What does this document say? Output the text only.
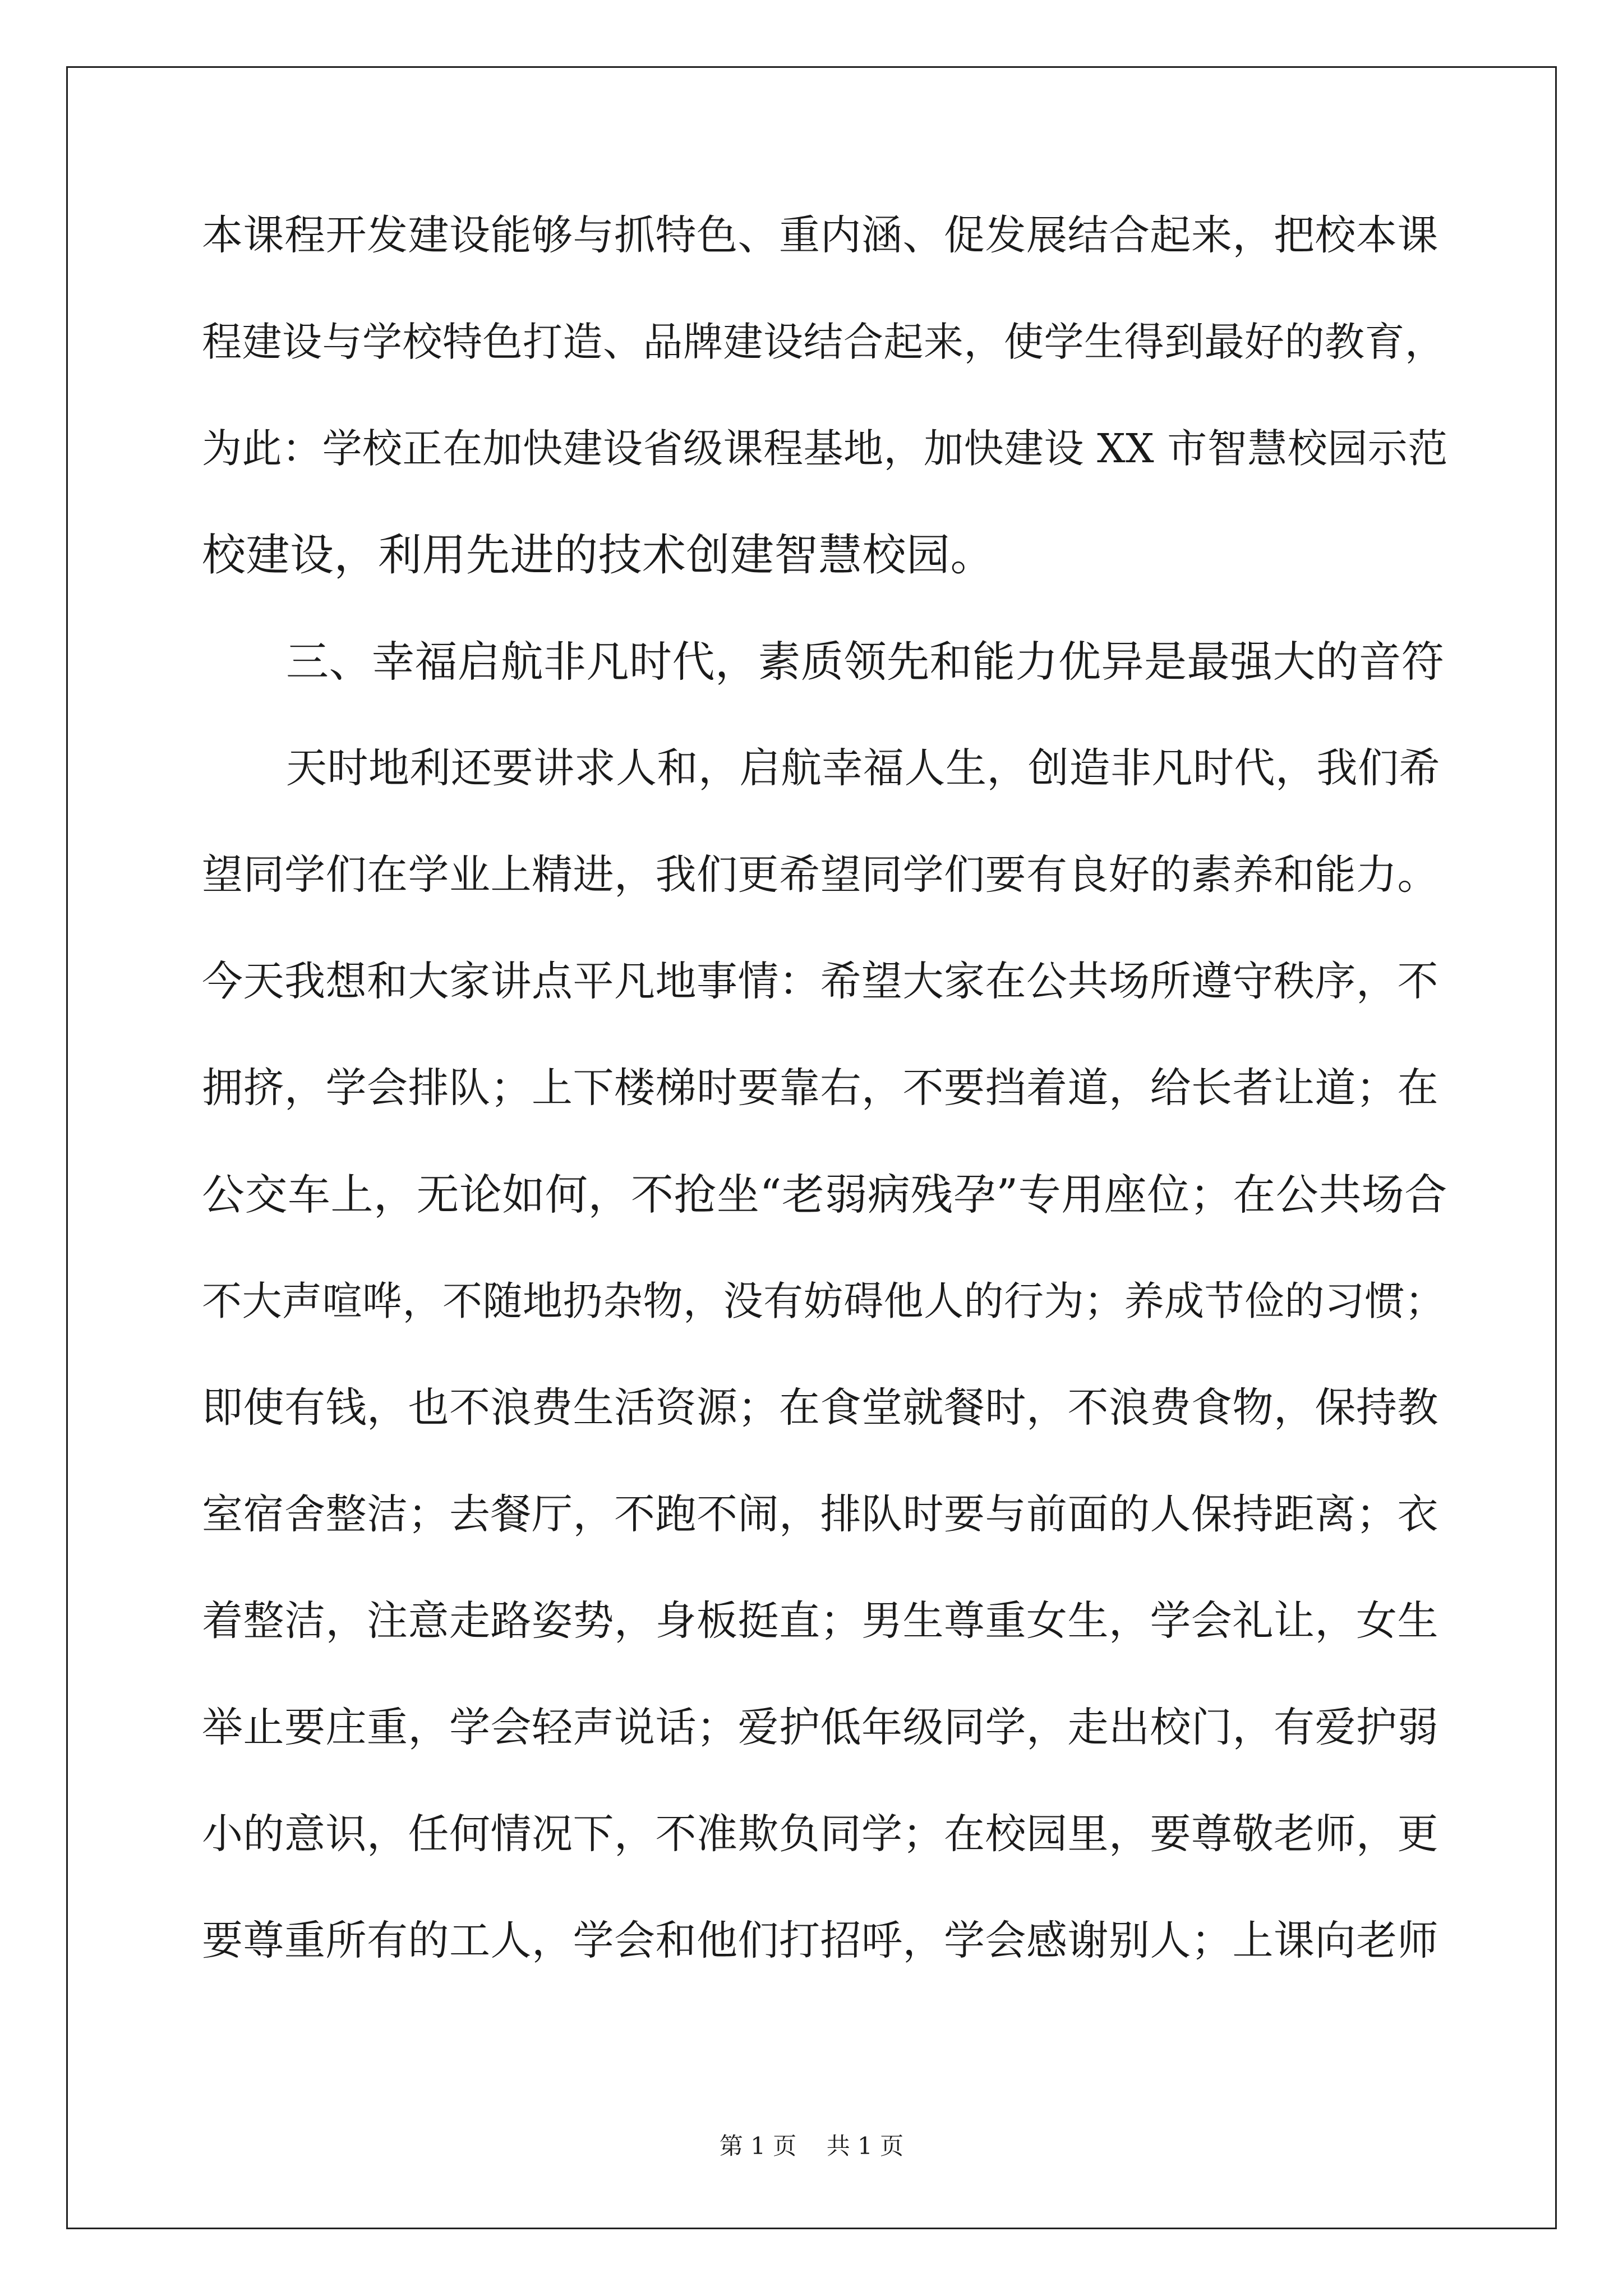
本课程开发建设能够与抓特色、重内涵、促发展结合起来，把校本课
程建设与学校特色打造、品牌建设结合起来，使学生得到最好的教育，
为此：学校正在加快建设省级课程基地，加快建设 XX 市智慧校园示范
校建设，利用先进的技术创建智慧校园。
三、幸福启航非凡时代，素质领先和能力优异是最强大的音符
天时地利还要讲求人和，启航幸福人生，创造非凡时代，我们希
望同学们在学业上精进，我们更希望同学们要有良好的素养和能力。
今天我想和大家讲点平凡地事情：希望大家在公共场所遵守秩序，不
拥挤，学会排队；上下楼梯时要靠右，不要挡着道，给长者让道；在
公交车上，无论如何，不抢坐“老弱病残孕”专用座位；在公共场合
不大声喧哗，不随地扔杂物，没有妨碍他人的行为；养成节俭的习惯；
即使有钱，也不浪费生活资源；在食堂就餐时，不浪费食物，保持教
室宿舍整洁；去餐厅，不跑不闹，排队时要与前面的人保持距离；衣
着整洁，注意走路姿势，身板挺直；男生尊重女生，学会礼让，女生
举止要庄重，学会轻声说话；爱护低年级同学，走出校门，有爱护弱
小的意识，任何情况下，不准欺负同学；在校园里，要尊敬老师，更
要尊重所有的工人，学会和他们打招呼，学会感谢别人；上课向老师
第 1 页    共 1 页
